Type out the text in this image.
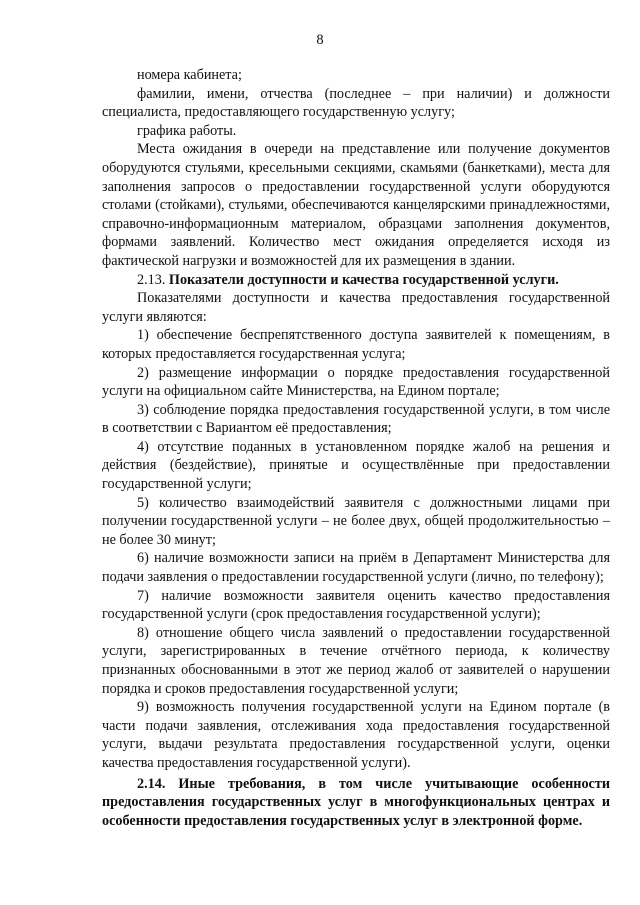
8

номера кабинета;

фамилии, имени, отчества (последнее – при наличии) и должности специалиста, предоставляющего государственную услугу;

графика работы.

Места ожидания в очереди на представление или получение документов оборудуются стульями, кресельными секциями, скамьями (банкетками), места для заполнения запросов о предоставлении государственной услуги оборудуются столами (стойками), стульями, обеспечиваются канцелярскими принадлежностями, справочно-информационным материалом, образцами заполнения документов, формами заявлений. Количество мест ожидания определяется исходя из фактической нагрузки и возможностей для их размещения в здании.

2.13. Показатели доступности и качества государственной услуги.

Показателями доступности и качества предоставления государственной услуги являются:

1) обеспечение беспрепятственного доступа заявителей к помещениям, в которых предоставляется государственная услуга;

2) размещение информации о порядке предоставления государственной услуги на официальном сайте Министерства, на Едином портале;

3) соблюдение порядка предоставления государственной услуги, в том числе в соответствии с Вариантом её предоставления;

4) отсутствие поданных в установленном порядке жалоб на решения и действия (бездействие), принятые и осуществлённые при предоставлении государственной услуги;

5) количество взаимодействий заявителя с должностными лицами при получении государственной услуги – не более двух, общей продолжительностью – не более 30 минут;

6) наличие возможности записи на приём в Департамент Министерства для подачи заявления о предоставлении государственной услуги (лично, по телефону);

7) наличие возможности заявителя оценить качество предоставления государственной услуги (срок предоставления государственной услуги);

8) отношение общего числа заявлений о предоставлении государственной услуги, зарегистрированных в течение отчётного периода, к количеству признанных обоснованными в этот же период жалоб от заявителей о нарушении порядка и сроков предоставления государственной услуги;

9) возможность получения государственной услуги на Едином портале (в части подачи заявления, отслеживания хода предоставления государственной услуги, выдачи результата предоставления государственной услуги, оценки качества предоставления государственной услуги).

2.14. Иные требования, в том числе учитывающие особенности предоставления государственных услуг в многофункциональных центрах и особенности предоставления государственных услуг в электронной форме.
